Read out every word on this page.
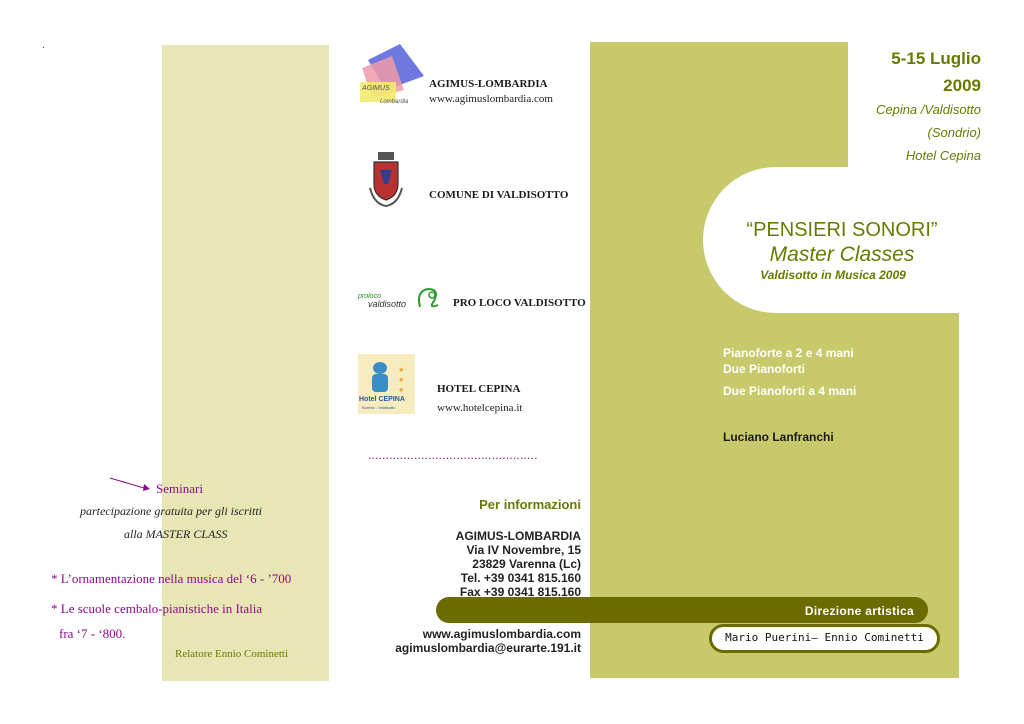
.
5-15 Luglio
2009
Cepina /Valdisotto
(Sondrio)
Hotel Cepina
“PENSIERI SONORI”
Master Classes
Valdisotto in Musica 2009
Pianoforte a 2 e 4 mani
Due Pianoforti
Due Pianoforti a 4 mani
Luciano Lanfranchi
Direzione artistica
Mario Puerini– Ennio Cominetti
AGIMUS
Lombardia
AGIMUS-LOMBARDIA
www.agimuslombardia.com
COMUNE DI VALDISOTTO
proloco
valdisotto	PRO LOCO VALDISOTTO
★
★
★
Hotel CEPINA
Bormio - Valdisotto
HOTEL CEPINA
www.hotelcepina.it
................................................
Per informazioni
AGIMUS-LOMBARDIA
Via IV Novembre, 15
23829 Varenna (Lc)
Tel. +39 0341 815.160
Fax +39 0341 815.160
www.agimuslombardia.com
agimuslombardia@eurarte.191.it
Seminari
partecipazione gratuita per gli iscritti
alla MASTER CLASS
* L’ornamentazione nella musica del ‘6 - ’700
* Le scuole cembalo-pianistiche in Italia
fra ‘7 - ‘800.
Relatore Ennio Cominetti
